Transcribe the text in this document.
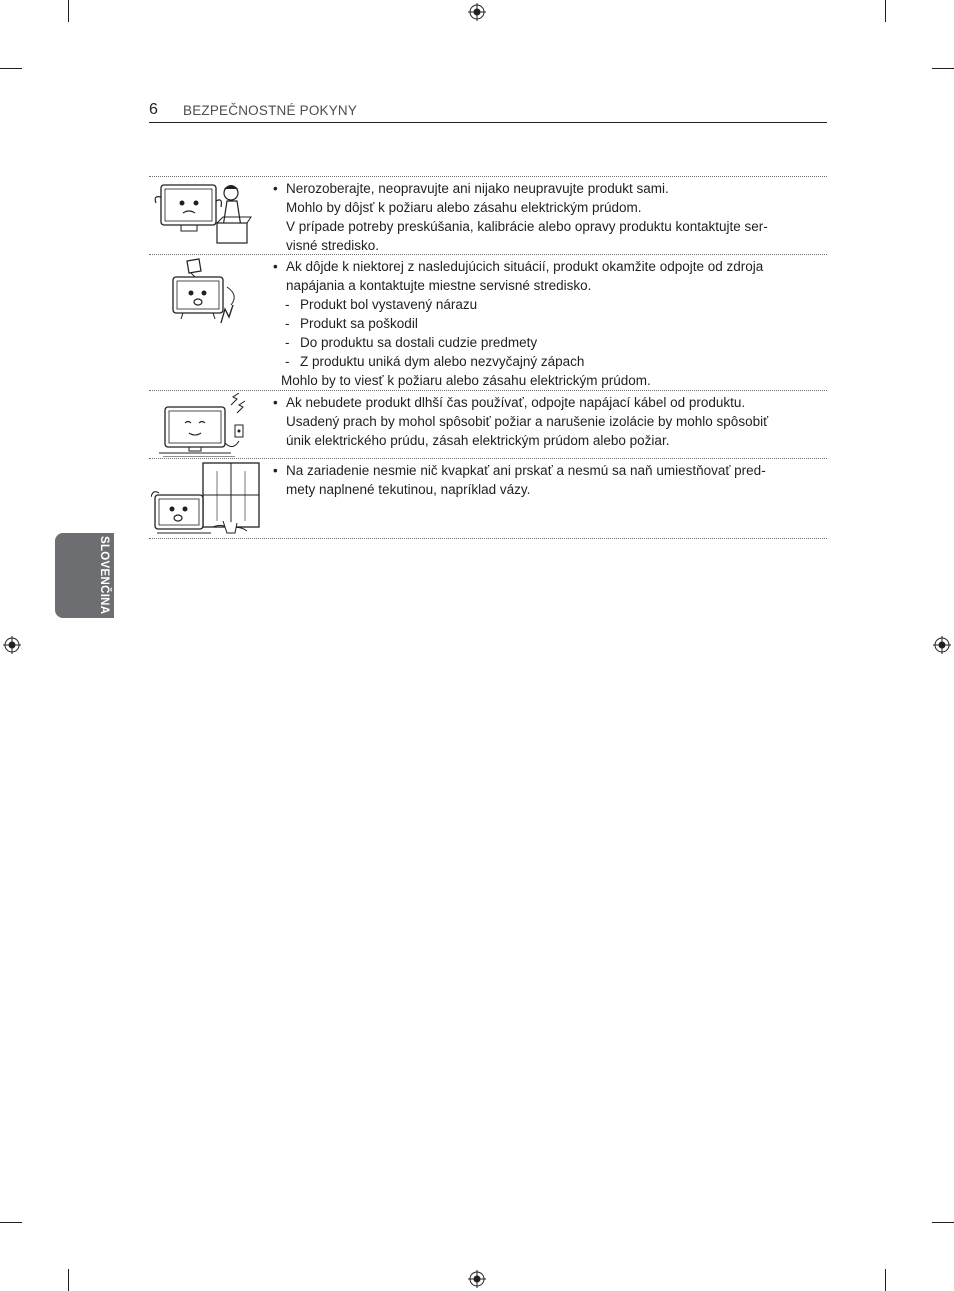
6 BEZPEČNOSTNÉ POKYNY
SLOVENČINA
• Nerozoberajte, neopravujte ani nijako neupravujte produkt sami.
Mohlo by dôjsť k požiaru alebo zásahu elektrickým prúdom.
V prípade potreby preskúšania, kalibrácie alebo opravy produktu kontaktujte ser-
visné stredisko.
• Ak dôjde k niektorej z nasledujúcich situácií, produkt okamžite odpojte od zdroja
napájania a kontaktujte miestne servisné stredisko.
- Produkt bol vystavený nárazu
- Produkt sa poškodil
- Do produktu sa dostali cudzie predmety
- Z produktu uniká dym alebo nezvyčajný zápach
Mohlo by to viesť k požiaru alebo zásahu elektrickým prúdom.
• Ak nebudete produkt dlhší čas používať, odpojte napájací kábel od produktu.
Usadený prach by mohol spôsobiť požiar a narušenie izolácie by mohlo spôsobiť
únik elektrického prúdu, zásah elektrickým prúdom alebo požiar.
• Na zariadenie nesmie nič kvapkať ani prskať a nesmú sa naň umiestňovať pred-
mety naplnené tekutinou, napríklad vázy.
